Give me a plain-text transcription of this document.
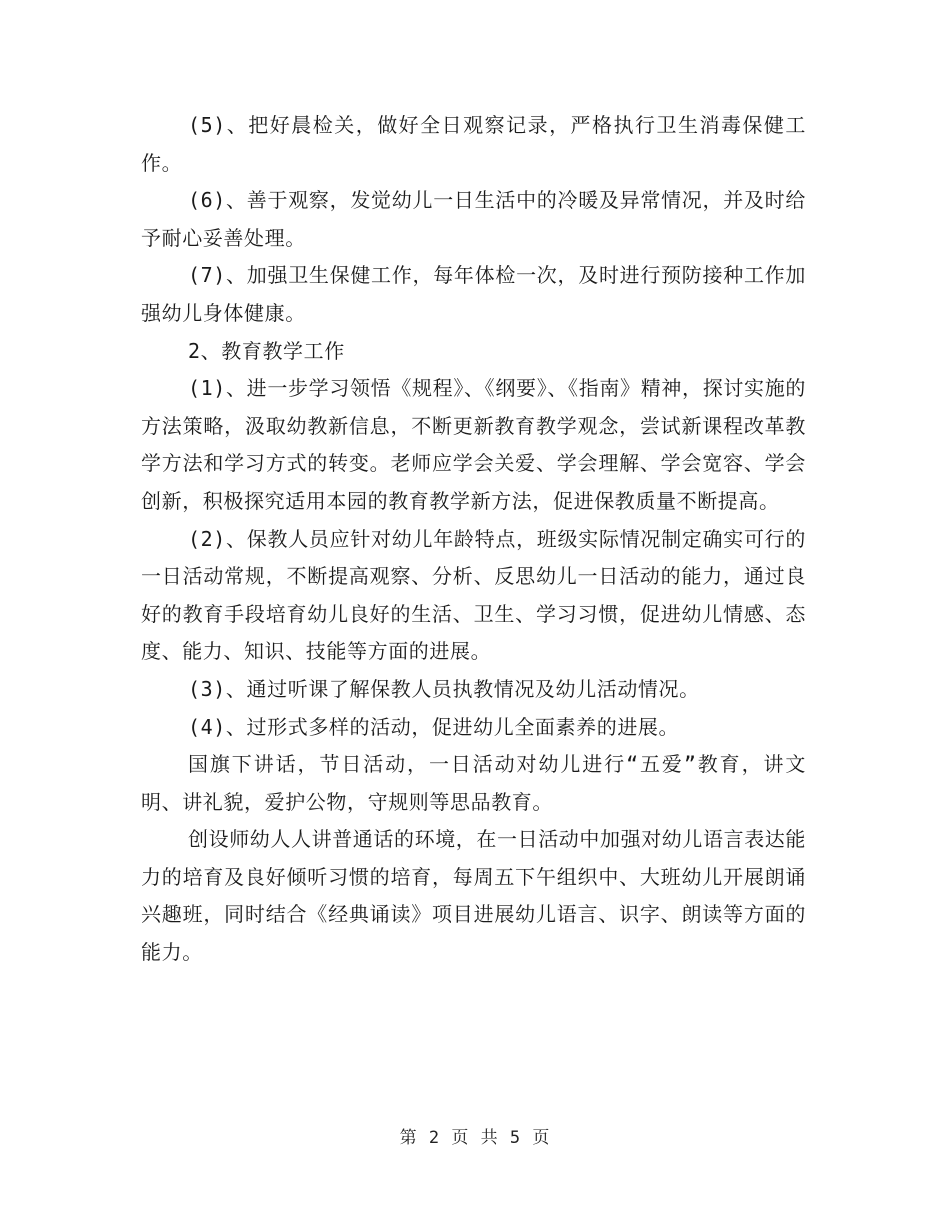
(5)、把好晨检关，做好全日观察记录，严格执行卫生消毒保健工作。

(6)、善于观察，发觉幼儿一日生活中的冷暖及异常情况，并及时给予耐心妥善处理。

(7)、加强卫生保健工作，每年体检一次，及时进行预防接种工作加强幼儿身体健康。

2、教育教学工作

(1)、进一步学习领悟《规程》、《纲要》、《指南》精神，探讨实施的方法策略，汲取幼教新信息，不断更新教育教学观念，尝试新课程改革教学方法和学习方式的转变。老师应学会关爱、学会理解、学会宽容、学会创新，积极探究适用本园的教育教学新方法，促进保教质量不断提高。

(2)、保教人员应针对幼儿年龄特点，班级实际情况制定确实可行的一日活动常规，不断提高观察、分析、反思幼儿一日活动的能力，通过良好的教育手段培育幼儿良好的生活、卫生、学习习惯，促进幼儿情感、态度、能力、知识、技能等方面的进展。

(3)、通过听课了解保教人员执教情况及幼儿活动情况。

(4)、过形式多样的活动，促进幼儿全面素养的进展。

国旗下讲话，节日活动，一日活动对幼儿进行“五爱”教育，讲文明、讲礼貌，爱护公物，守规则等思品教育。

创设师幼人人讲普通话的环境，在一日活动中加强对幼儿语言表达能力的培育及良好倾听习惯的培育，每周五下午组织中、大班幼儿开展朗诵兴趣班，同时结合《经典诵读》项目进展幼儿语言、识字、朗读等方面的能力。

第 2 页 共 5 页
